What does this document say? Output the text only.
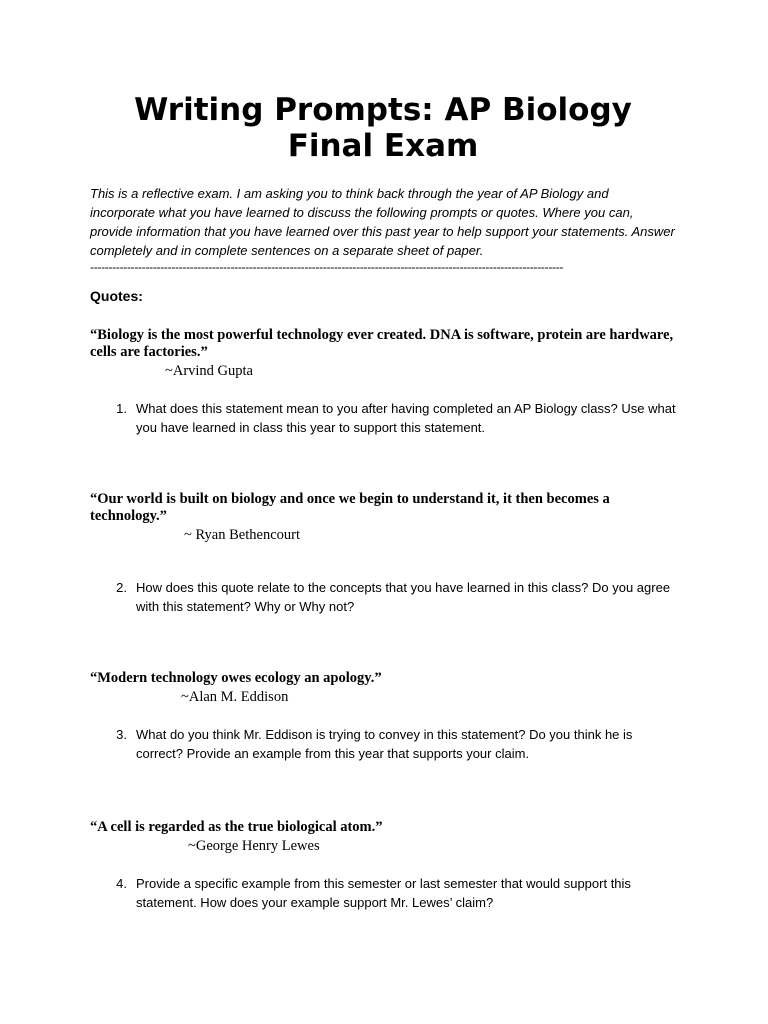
Writing Prompts: AP Biology Final Exam

This is a reflective exam. I am asking you to think back through the year of AP Biology and incorporate what you have learned to discuss the following prompts or quotes. Where you can, provide information that you have learned over this past year to help support your statements. Answer completely and in complete sentences on a separate sheet of paper.

--------------------------------------------------------------------------------------------------------------------------------
Quotes:

“Biology is the most powerful technology ever created. DNA is software, protein are hardware, cells are factories.”

~Arvind Gupta

1. What does this statement mean to you after having completed an AP Biology class? Use what you have learned in class this year to support this statement.

“Our world is built on biology and once we begin to understand it, it then becomes a technology.”

~ Ryan Bethencourt

2. How does this quote relate to the concepts that you have learned in this class? Do you agree with this statement? Why or Why not?

“Modern technology owes ecology an apology.”

~Alan M. Eddison

3. What do you think Mr. Eddison is trying to convey in this statement? Do you think he is correct? Provide an example from this year that supports your claim.

“A cell is regarded as the true biological atom.”

~George Henry Lewes

4. Provide a specific example from this semester or last semester that would support this statement. How does your example support Mr. Lewes’ claim?
